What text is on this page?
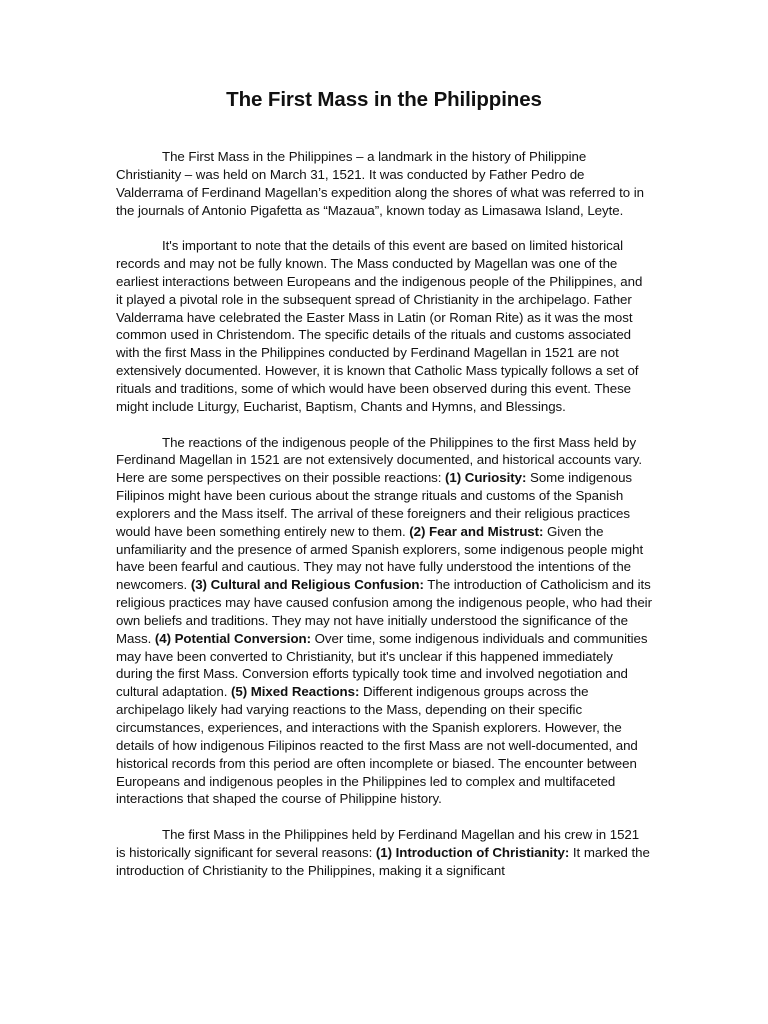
The First Mass in the Philippines

The First Mass in the Philippines – a landmark in the history of Philippine Christianity – was held on March 31, 1521. It was conducted by Father Pedro de Valderrama of Ferdinand Magellan’s expedition along the shores of what was referred to in the journals of Antonio Pigafetta as “Mazaua”, known today as Limasawa Island, Leyte.

It's important to note that the details of this event are based on limited historical records and may not be fully known. The Mass conducted by Magellan was one of the earliest interactions between Europeans and the indigenous people of the Philippines, and it played a pivotal role in the subsequent spread of Christianity in the archipelago. Father Valderrama have celebrated the Easter Mass in Latin (or Roman Rite) as it was the most common used in Christendom. The specific details of the rituals and customs associated with the first Mass in the Philippines conducted by Ferdinand Magellan in 1521 are not extensively documented. However, it is known that Catholic Mass typically follows a set of rituals and traditions, some of which would have been observed during this event. These might include Liturgy, Eucharist, Baptism, Chants and Hymns, and Blessings.

The reactions of the indigenous people of the Philippines to the first Mass held by Ferdinand Magellan in 1521 are not extensively documented, and historical accounts vary. Here are some perspectives on their possible reactions: (1) Curiosity: Some indigenous Filipinos might have been curious about the strange rituals and customs of the Spanish explorers and the Mass itself. The arrival of these foreigners and their religious practices would have been something entirely new to them. (2) Fear and Mistrust: Given the unfamiliarity and the presence of armed Spanish explorers, some indigenous people might have been fearful and cautious. They may not have fully understood the intentions of the newcomers. (3) Cultural and Religious Confusion: The introduction of Catholicism and its religious practices may have caused confusion among the indigenous people, who had their own beliefs and traditions. They may not have initially understood the significance of the Mass. (4) Potential Conversion: Over time, some indigenous individuals and communities may have been converted to Christianity, but it's unclear if this happened immediately during the first Mass. Conversion efforts typically took time and involved negotiation and cultural adaptation. (5) Mixed Reactions: Different indigenous groups across the archipelago likely had varying reactions to the Mass, depending on their specific circumstances, experiences, and interactions with the Spanish explorers. However, the details of how indigenous Filipinos reacted to the first Mass are not well-documented, and historical records from this period are often incomplete or biased. The encounter between Europeans and indigenous peoples in the Philippines led to complex and multifaceted interactions that shaped the course of Philippine history.

The first Mass in the Philippines held by Ferdinand Magellan and his crew in 1521 is historically significant for several reasons: (1) Introduction of Christianity: It marked the introduction of Christianity to the Philippines, making it a significant
